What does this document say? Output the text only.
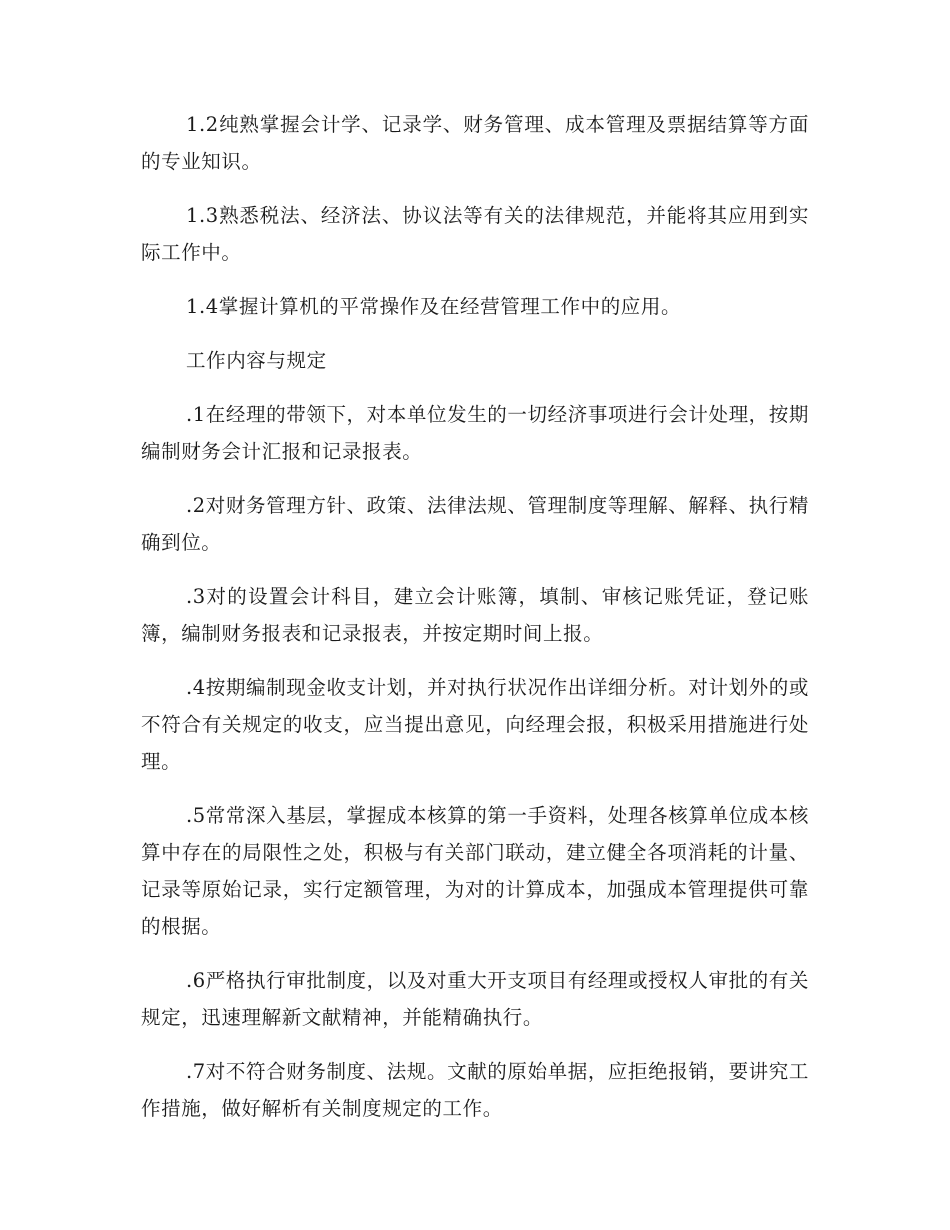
1.2纯熟掌握会计学、记录学、财务管理、成本管理及票据结算等方面的专业知识。

1.3熟悉税法、经济法、协议法等有关的法律规范，并能将其应用到实际工作中。

1.4掌握计算机的平常操作及在经营管理工作中的应用。

工作内容与规定

.1在经理的带领下，对本单位发生的一切经济事项进行会计处理，按期编制财务会计汇报和记录报表。

.2对财务管理方针、政策、法律法规、管理制度等理解、解释、执行精确到位。

.3对的设置会计科目，建立会计账簿，填制、审核记账凭证，登记账簿，编制财务报表和记录报表，并按定期时间上报。

.4按期编制现金收支计划，并对执行状况作出详细分析。对计划外的或不符合有关规定的收支，应当提出意见，向经理会报，积极采用措施进行处理。

.5常常深入基层，掌握成本核算的第一手资料，处理各核算单位成本核算中存在的局限性之处，积极与有关部门联动，建立健全各项消耗的计量、记录等原始记录，实行定额管理，为对的计算成本，加强成本管理提供可靠的根据。

.6严格执行审批制度，以及对重大开支项目有经理或授权人审批的有关规定，迅速理解新文献精神，并能精确执行。

.7对不符合财务制度、法规。文献的原始单据，应拒绝报销，要讲究工作措施，做好解析有关制度规定的工作。
